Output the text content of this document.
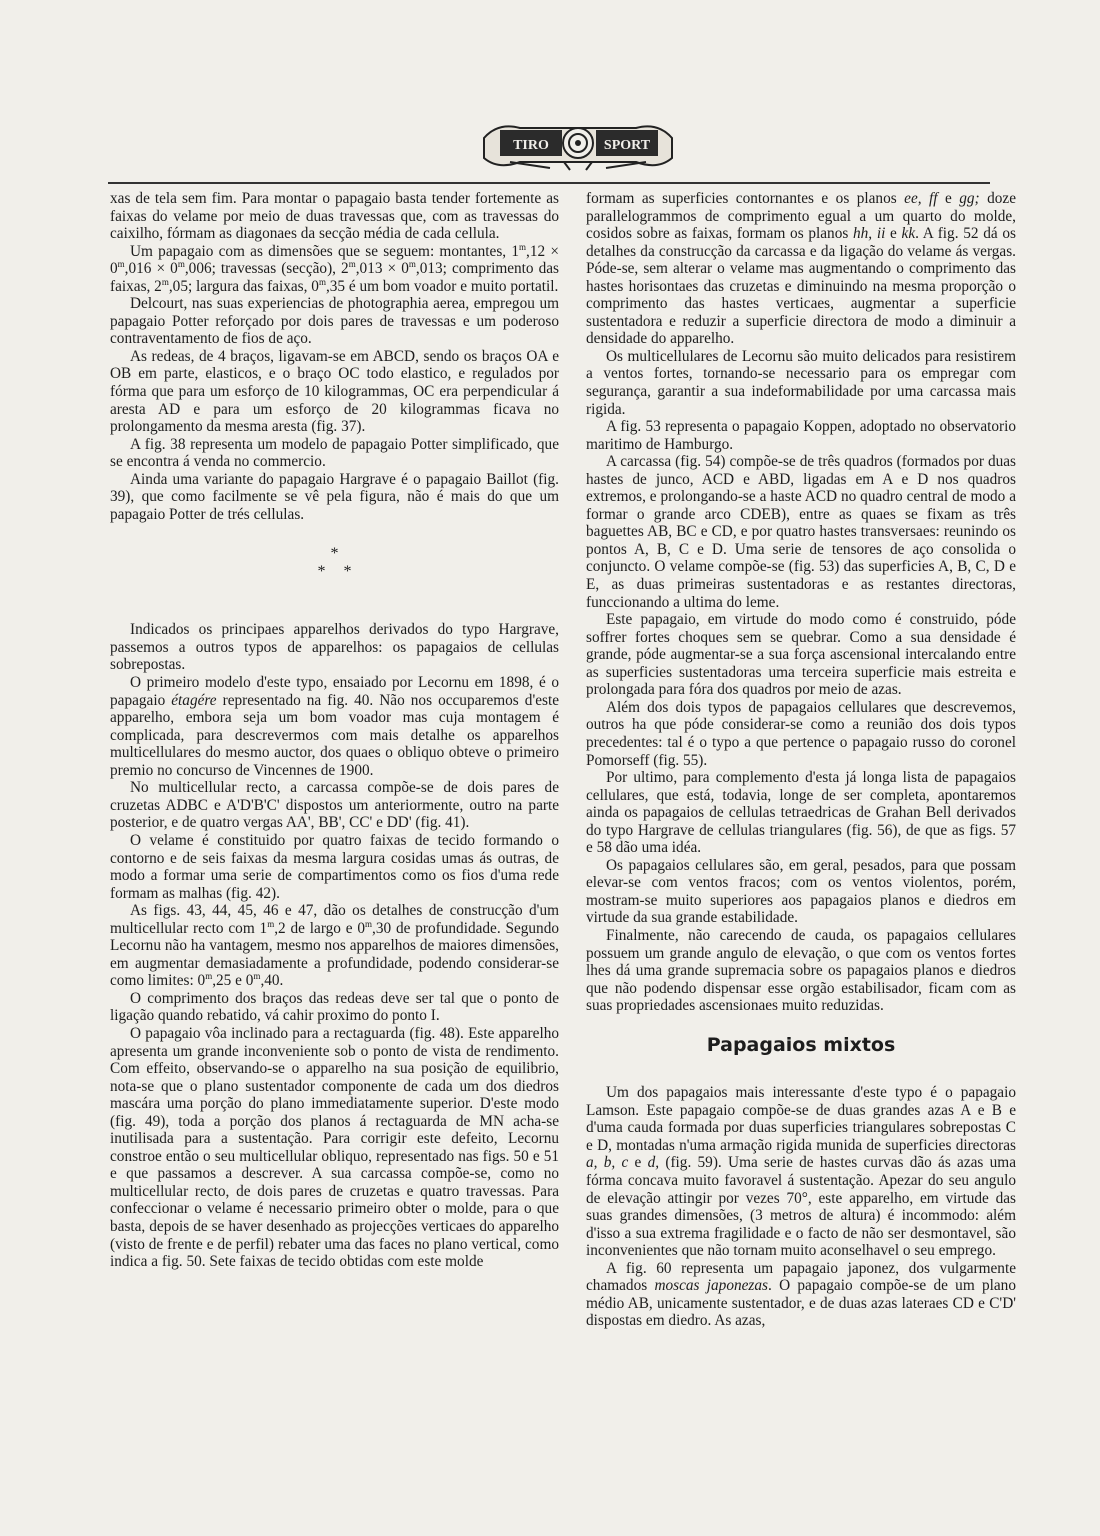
TIRO	SPORT

xas de tela sem fim. Para montar o papagaio basta tender fortemente as faixas do velame por meio de duas travessas que, com as travessas do caixilho, fórmam as diagonaes da secção média de cada cellula.

Um papagaio com as dimensões que se seguem: montantes, $1^m,12 \times 0^m,016 \times 0^m,006$; travessas (secção), $2^m,013 \times 0^m,013$; comprimento das faixas, 2$^m$,05; largura das faixas, 0$^m$,35 é um bom voador e muito portatil.

Delcourt, nas suas experiencias de photographia aerea, empregou um papagaio Potter reforçado por dois pares de travessas e um poderoso contraventamento de fios de aço.

As redeas, de 4 braços, ligavam-se em ABCD, sendo os braços OA e OB em parte, elasticos, e o braço OC todo elastico, e regulados por fórma que para um esforço de 10 kilogrammas, OC era perpendicular á aresta AD e para um esforço de 20 kilogrammas ficava no prolongamento da mesma aresta (fig. 37).

A fig. 38 representa um modelo de papagaio Potter simplificado, que se encontra á venda no commercio.

Ainda uma variante do papagaio Hargrave é o papagaio Baillot (fig. 39), que como facilmente se vê pela figura, não é mais do que um papagaio Potter de trés cellulas.

*
* *

Indicados os principaes apparelhos derivados do typo Hargrave, passemos a outros typos de apparelhos: os papagaios de cellulas sobrepostas.

O primeiro modelo d'este typo, ensaiado por Lecornu em 1898, é o papagaio étagére representado na fig. 40. Não nos occuparemos d'este apparelho, embora seja um bom voador mas cuja montagem é complicada, para descrevermos com mais detalhe os apparelhos multicellulares do mesmo auctor, dos quaes o obliquo obteve o primeiro premio no concurso de Vincennes de 1900.

No multicellular recto, a carcassa compõe-se de dois pares de cruzetas ADBC e A'D'B'C' dispostos um anteriormente, outro na parte posterior, e de quatro vergas AA', BB', CC' e DD' (fig. 41).

O velame é constituido por quatro faixas de tecido formando o contorno e de seis faixas da mesma largura cosidas umas ás outras, de modo a formar uma serie de compartimentos como os fios d'uma rede formam as malhas (fig. 42).

As figs. 43, 44, 45, 46 e 47, dão os detalhes de construcção d'um multicellular recto com 1$^m$,2 de largo e 0$^m$,30 de profundidade. Segundo Lecornu não ha vantagem, mesmo nos apparelhos de maiores dimensões, em augmentar demasiadamente a profundidade, podendo considerar-se como limites: 0$^m$,25 e 0$^m$,40.

O comprimento dos braços das redeas deve ser tal que o ponto de ligação quando rebatido, vá cahir proximo do ponto I.

O papagaio vôa inclinado para a rectaguarda (fig. 48). Este apparelho apresenta um grande inconveniente sob o ponto de vista de rendimento. Com effeito, observando-se o apparelho na sua posição de equilibrio, nota-se que o plano sustentador componente de cada um dos diedros mascára uma porção do plano immediatamente superior. D'este modo (fig. 49), toda a porção dos planos á rectaguarda de MN acha-se inutilisada para a sustentação. Para corrigir este defeito, Lecornu constroe então o seu multicellular obliquo, representado nas figs. 50 e 51 e que passamos a descrever. A sua carcassa compõe-se, como no multicellular recto, de dois pares de cruzetas e quatro travessas. Para confeccionar o velame é necessario primeiro obter o molde, para o que basta, depois de se haver desenhado as projecções verticaes do apparelho (visto de frente e de perfil) rebater uma das faces no plano vertical, como indica a fig. 50. Sete faixas de tecido obtidas com este molde

formam as superficies contornantes e os planos ee, ff e gg; doze parallelogrammos de comprimento egual a um quarto do molde, cosidos sobre as faixas, formam os planos hh, ii e kk. A fig. 52 dá os detalhes da construcção da carcassa e da ligação do velame ás vergas. Póde-se, sem alterar o velame mas augmentando o comprimento das hastes horisontaes das cruzetas e diminuindo na mesma proporção o comprimento das hastes verticaes, augmentar a superficie sustentadora e reduzir a superficie directora de modo a diminuir a densidade do apparelho.

Os multicellulares de Lecornu são muito delicados para resistirem a ventos fortes, tornando-se necessario para os empregar com segurança, garantir a sua indeformabilidade por uma carcassa mais rigida.

A fig. 53 representa o papagaio Koppen, adoptado no observatorio maritimo de Hamburgo.

A carcassa (fig. 54) compõe-se de três quadros (formados por duas hastes de junco, ACD e ABD, ligadas em A e D nos quadros extremos, e prolongando-se a haste ACD no quadro central de modo a formar o grande arco CDEB), entre as quaes se fixam as três baguettes AB, BC e CD, e por quatro hastes transversaes: reunindo os pontos A, B, C e D. Uma serie de tensores de aço consolida o conjuncto. O velame compõe-se (fig. 53) das superficies A, B, C, D e E, as duas primeiras sustentadoras e as restantes directoras, funccionando a ultima do leme.

Este papagaio, em virtude do modo como é construido, póde soffrer fortes choques sem se quebrar. Como a sua densidade é grande, póde augmentar-se a sua força ascensional intercalando entre as superficies sustentadoras uma terceira superficie mais estreita e prolongada para fóra dos quadros por meio de azas.

Além dos dois typos de papagaios cellulares que descrevemos, outros ha que póde considerar-se como a reunião dos dois typos precedentes: tal é o typo a que pertence o papagaio russo do coronel Pomorseff (fig. 55).

Por ultimo, para complemento d'esta já longa lista de papagaios cellulares, que está, todavia, longe de ser completa, apontaremos ainda os papagaios de cellulas tetraedricas de Grahan Bell derivados do typo Hargrave de cellulas triangulares (fig. 56), de que as figs. 57 e 58 dão uma idéa.

Os papagaios cellulares são, em geral, pesados, para que possam elevar-se com ventos fracos; com os ventos violentos, porém, mostram-se muito superiores aos papagaios planos e diedros em virtude da sua grande estabilidade.

Finalmente, não carecendo de cauda, os papagaios cellulares possuem um grande angulo de elevação, o que com os ventos fortes lhes dá uma grande supremacia sobre os papagaios planos e diedros que não podendo dispensar esse orgão estabilisador, ficam com as suas propriedades ascensionaes muito reduzidas.

Papagaios mixtos

Um dos papagaios mais interessante d'este typo é o papagaio Lamson. Este papagaio compõe-se de duas grandes azas A e B e d'uma cauda formada por duas superficies triangulares sobrepostas C e D, montadas n'uma armação rigida munida de superficies directoras a, b, c e d, (fig. 59). Uma serie de hastes curvas dão ás azas uma fórma concava muito favoravel á sustentação. Apezar do seu angulo de elevação attingir por vezes 70°, este apparelho, em virtude das suas grandes dimensões, (3 metros de altura) é incommodo: além d'isso a sua extrema fragilidade e o facto de não ser desmontavel, são inconvenientes que não tornam muito aconselhavel o seu emprego.

A fig. 60 representa um papagaio japonez, dos vulgarmente chamados moscas japonezas. O papagaio compõe-se de um plano médio AB, unicamente sustentador, e de duas azas lateraes CD e C'D' dispostas em diedro. As azas,
